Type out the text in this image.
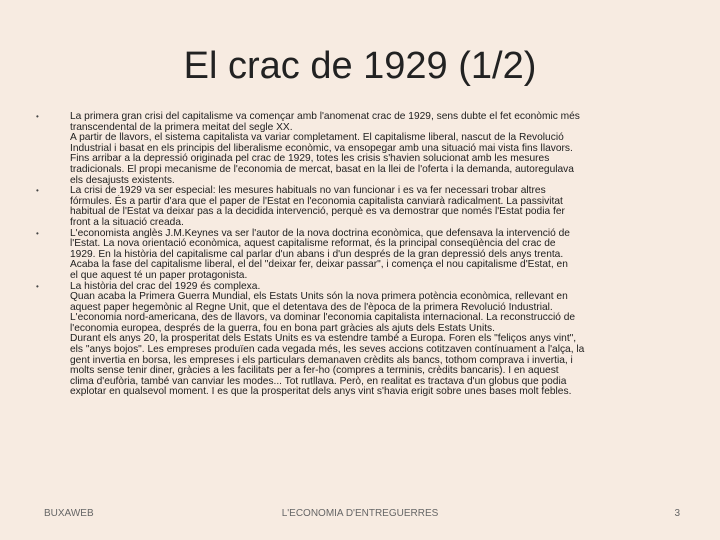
El crac de 1929 (1/2)
•	La primera gran crisi del capitalisme va començar amb l'anomenat crac de 1929, sens dubte el fet econòmic més
transcendental de la primera meitat del segle XX.
A partir de llavors, el sistema capitalista va variar completament. El capitalisme liberal, nascut de la Revolució
Industrial i basat en els principis del liberalisme econòmic, va ensopegar amb una situació mai vista fins llavors.
Fins arribar a la depressió originada pel crac de 1929, totes les crisis s'havien solucionat amb les mesures
tradicionals. El propi mecanisme de l'economia de mercat, basat en la llei de l'oferta i la demanda, autoregulava
els desajusts existents.
•	La crisi de 1929 va ser especial: les mesures habituals no van funcionar i es va fer necessari trobar altres
fórmules. És a partir d'ara que el paper de l'Estat en l'economia capitalista canviarà radicalment. La passivitat
habitual de l'Estat va deixar pas a la decidida intervenció, perquè es va demostrar que només l'Estat podia fer
front a la situació creada.
•	L'economista anglès J.M.Keynes va ser l'autor de la nova doctrina econòmica, que defensava la intervenció de
l'Estat. La nova orientació econòmica, aquest capitalisme reformat, és la principal conseqüència del crac de
1929. En la història del capitalisme cal parlar d'un abans i d'un després de la gran depressió dels anys trenta.
Acaba la fase del capitalisme liberal, el del "deixar fer, deixar passar", i comença el nou capitalisme d'Estat, en
el que aquest té un paper protagonista.
•	La història del crac del 1929 és complexa.
Quan acaba la Primera Guerra Mundial, els Estats Units són la nova primera potència econòmica, rellevant en
aquest paper hegemònic al Regne Unit, que el detentava des de l'època de la primera Revolució Industrial.
L'economia nord-americana, des de llavors, va dominar l'economia capitalista internacional. La reconstrucció de
l'economia europea, després de la guerra, fou en bona part gràcies als ajuts dels Estats Units.
Durant els anys 20, la prosperitat dels Estats Units es va estendre també a Europa. Foren els "feliços anys vint",
els "anys bojos". Les empreses produïen cada vegada més, les seves accions cotitzaven contínuament a l'alça, la
gent invertia en borsa, les empreses i els particulars demanaven crèdits als bancs, tothom comprava i invertia, i
molts sense tenir diner, gràcies a les facilitats per a fer-ho (compres a terminis, crèdits bancaris). I en aquest
clima d'eufòria, també van canviar les modes... Tot rutllava. Però, en realitat es tractava d'un globus que podia
explotar en qualsevol moment. I es que la prosperitat dels anys vint s'havia erigit sobre unes bases molt febles.
BUXAWEB	L'ECONOMIA D'ENTREGUERRES	3
